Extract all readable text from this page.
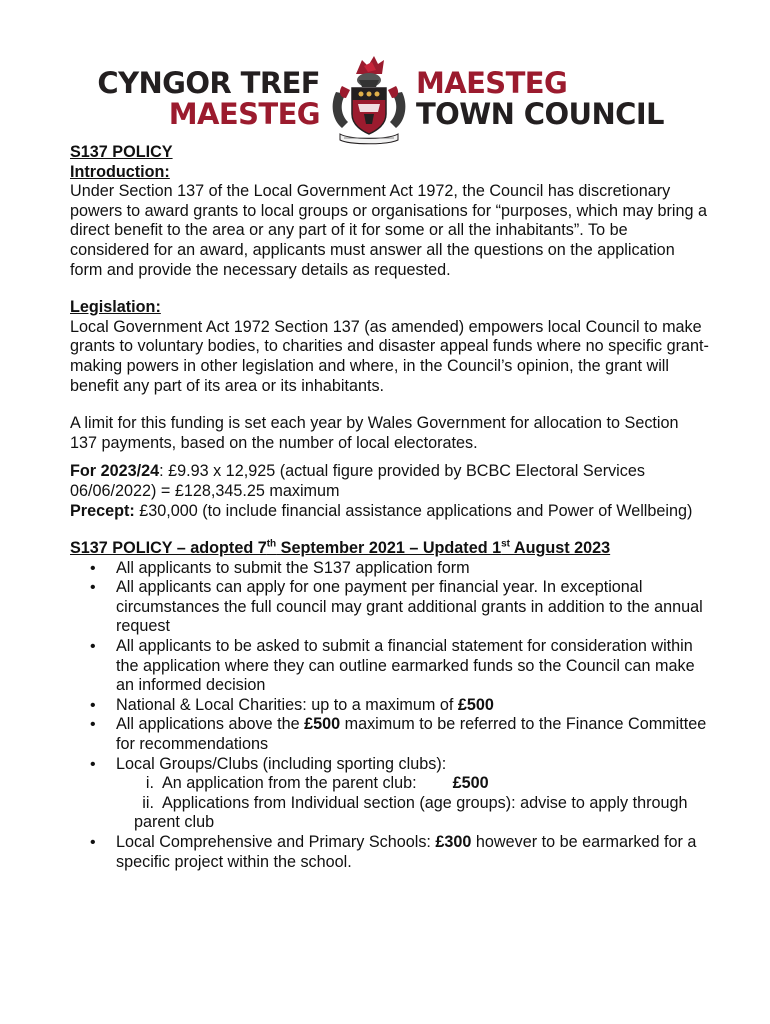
CYNGOR TREF
MAESTEG
MAESTEG
TOWN COUNCIL

S137 POLICY

Introduction:

Under Section 137 of the Local Government Act 1972, the Council has discretionary powers to award grants to local groups or organisations for “purposes, which may bring a direct benefit to the area or any part of it for some or all the inhabitants”. To be considered for an award, applicants must answer all the questions on the application form and provide the necessary details as requested.

Legislation:

Local Government Act 1972 Section 137 (as amended) empowers local Council to make grants to voluntary bodies, to charities and disaster appeal funds where no specific grant-making powers in other legislation and where, in the Council’s opinion, the grant will benefit any part of its area or its inhabitants.

A limit for this funding is set each year by Wales Government for allocation to Section 137 payments, based on the number of local electorates.

For 2023/24: £9.93 x 12,925 (actual figure provided by BCBC Electoral Services 06/06/2022) = £128,345.25 maximum

Precept: £30,000 (to include financial assistance applications and Power of Wellbeing)

S137 POLICY – adopted 7th September 2021 – Updated 1st August 2023

• All applicants to submit the S137 application form
• All applicants can apply for one payment per financial year. In exceptional circumstances the full council may grant additional grants in addition to the annual request
• All applicants to be asked to submit a financial statement for consideration within the application where they can outline earmarked funds so the Council can make an informed decision
• National & Local Charities: up to a maximum of £500
• All applications above the £500 maximum to be referred to the Finance Committee for recommendations
• Local Groups/Clubs (including sporting clubs):
i. An application from the parent club: £500
ii. Applications from Individual section (age groups): advise to apply through parent club
• Local Comprehensive and Primary Schools: £300 however to be earmarked for a specific project within the school.
